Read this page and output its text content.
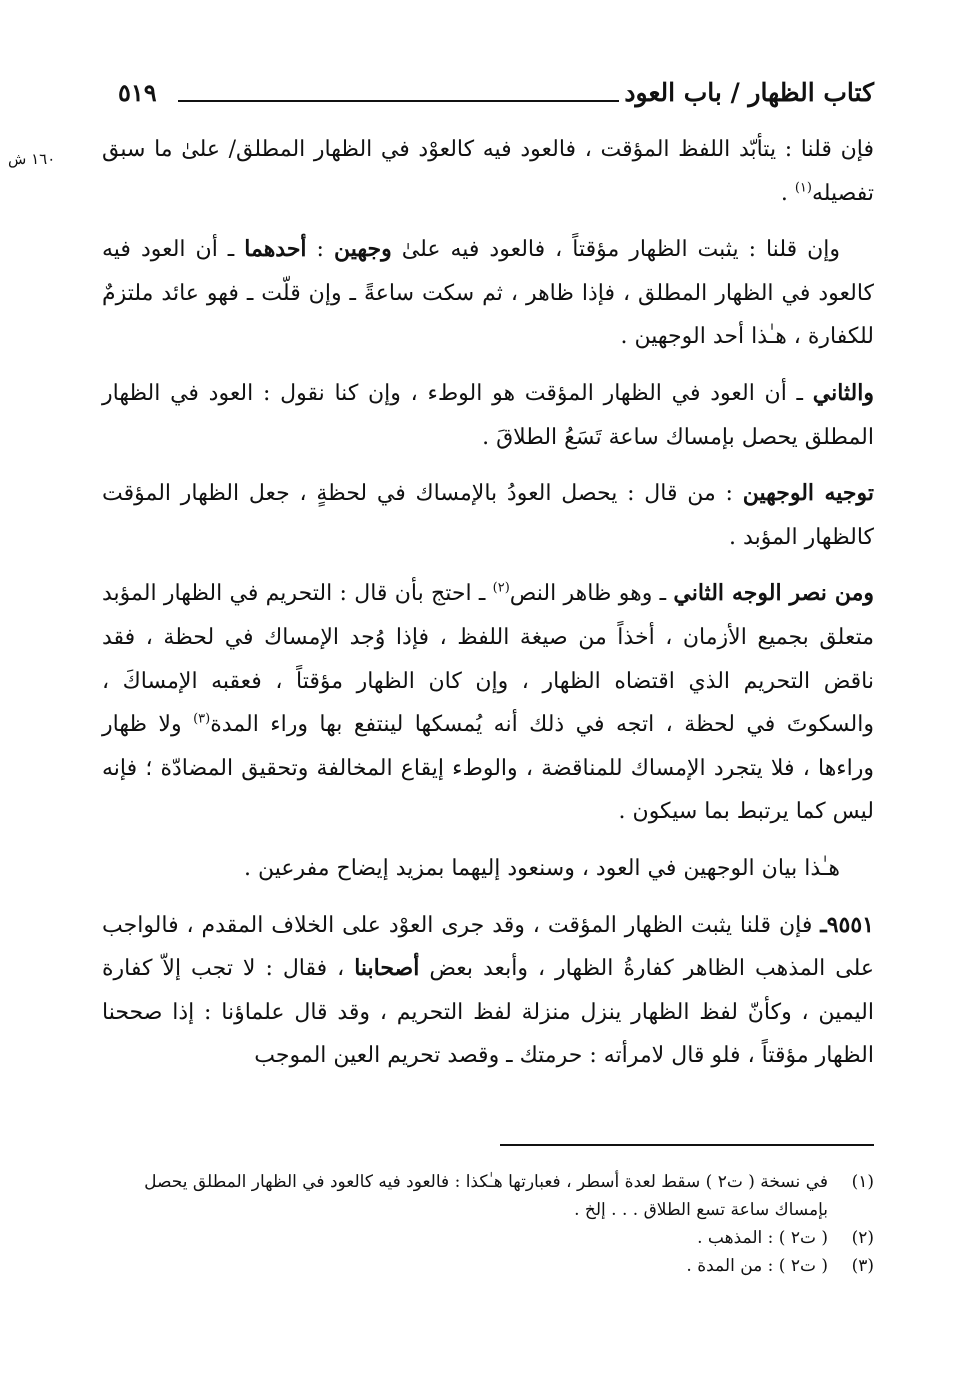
كتاب الظهار / باب العود
٥١٩
١٦٠ ش فإن قلنا : يتأبّد اللفظ المؤقت ، فالعود فيه كالعوْد في الظهار المطلق/ علىٰ ما سبق تفصيله$^{(١)}$ .

وإن قلنا : يثبت الظهار مؤقتاً ، فالعود فيه علىٰ وجهين : أحدهما ـ أن العود فيه كالعود في الظهار المطلق ، فإذا ظاهر ، ثم سكت ساعةً ـ وإن قلّت ـ فهو عائد ملتزمٌ للكفارة ، هـٰذا أحد الوجهين .

والثاني ـ أن العود في الظهار المؤقت هو الوطء ، وإن كنا نقول : العود في الظهار المطلق يحصل بإمساك ساعة تَسَعُ الطلاقَ .

توجيه الوجهين : من قال : يحصل العودُ بالإمساك في لحظةٍ ، جعل الظهار المؤقت كالظهار المؤبد .

ومن نصر الوجه الثاني ـ وهو ظاهر النص$^{(٢)}$ ـ احتج بأن قال : التحريم في الظهار المؤبد متعلق بجميع الأزمان ، أخذاً من صيغة اللفظ ، فإذا وُجد الإمساك في لحظة ، فقد ناقض التحريم الذي اقتضاه الظهار ، وإن كان الظهار مؤقتاً ، فعقبه الإمساكَ ، والسكوتَ في لحظة ، اتجه في ذلك أنه يُمسكها لينتفع بها وراء المدة$^{(٣)}$ ولا ظهار وراءها ، فلا يتجرد الإمساك للمناقضة ، والوطء إيقاع المخالفة وتحقيق المضادّة ؛ فإنه ليس كما يرتبط بما سيكون .

هـٰذا بيان الوجهين في العود ، وسنعود إليهما بمزيد إيضاح مفرعين .

٩٥٥١ـ فإن قلنا يثبت الظهار المؤقت ، وقد جرى العوْد على الخلاف المقدم ، فالواجب على المذهب الظاهر كفارةُ الظهار ، وأبعد بعض أصحابنا ، فقال : لا تجب إلاّ كفارة اليمين ، وكأنّ لفظ الظهار ينزل منزلة لفظ التحريم ، وقد قال علماؤنا : إذا صححنا الظهار مؤقتاً ، فلو قال لامرأته : حرمتك ـ وقصد تحريم العين الموجب

(١)
في نسخة ( ت٢ ) سقط لعدة أسطر ، فعبارتها هـٰكذا : فالعود فيه كالعود في الظهار المطلق يحصل بإمساك ساعة تسع الطلاق . . . إلخ .

(٢)
( ت٢ ) : المذهب .

(٣)
( ت٢ ) : من المدة .
